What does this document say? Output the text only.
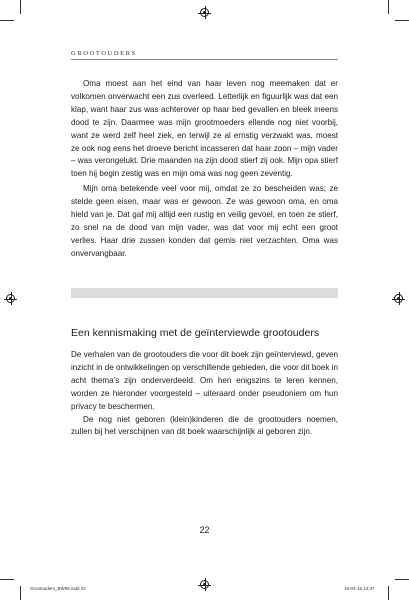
GROOTOUDERS

Oma moest aan het eind van haar leven nog meemaken dat er volkomen onverwacht een zus overleed. Letterlijk en figuurlijk was dat een klap, want haar zus was achterover op haar bed gevallen en bleek ineens dood te zijn. Daarmee was mijn grootmoeders ellende nog niet voorbij, want ze werd zelf heel ziek, en terwijl ze al ernstig verzwakt was, moest ze ook nog eens het droeve bericht incasseren dat haar zoon – mijn vader – was verongelukt. Drie maanden na zijn dood stierf zij ook. Mijn opa stierf toen hij begin zestig was en mijn oma was nog geen zeventig.

Mijn oma betekende veel voor mij, omdat ze zo bescheiden was; ze stelde geen eisen, maar was er gewoon. Ze was gewoon oma, en oma hield van je. Dat gaf mij altijd een rustig en veilig gevoel, en toen ze stierf, zo snel na de dood van mijn vader, was dat voor mij echt een groot verlies. Haar drie zussen konden dat gemis niet verzachten. Oma was onvervangbaar.

Een kennismaking met de geïnterviewde grootouders

De verhalen van de grootouders die voor dit boek zijn geïnterviewd, geven inzicht in de ontwikkelingen op verschillende gebieden, die voor dit boek in acht thema’s zijn onderverdeeld. Om hen enigszins te leren kennen, worden ze hieronder voorgesteld – uiteraard onder pseudoniem om hun privacy te beschermen.

De nog niet geboren (klein)kinderen die de grootouders noemen, zullen bij het verschijnen van dit boek waarschijnlijk al geboren zijn.

22
Grootouders_BW06.indd 22	15-04-15 14:47
